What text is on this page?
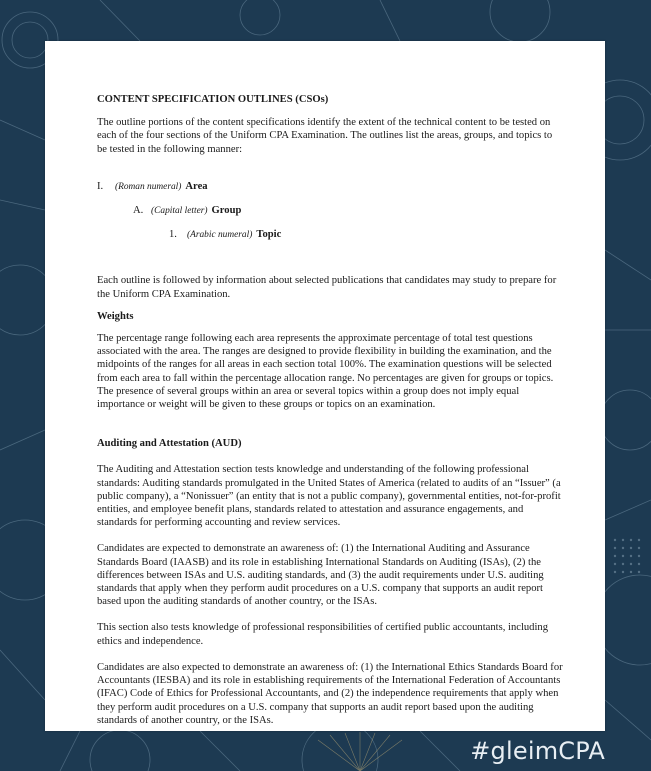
CONTENT SPECIFICATION OUTLINES (CSOs)

The outline portions of the content specifications identify the extent of the technical content to be tested on each of the four sections of the Uniform CPA Examination. The outlines list the areas, groups, and topics to be tested in the following manner:

I.	(Roman numeral) Area
A. (Capital letter) Group
1.	(Arabic numeral) Topic

Each outline is followed by information about selected publications that candidates may study to prepare for the Uniform CPA Examination.

Weights

The percentage range following each area represents the approximate percentage of total test questions associated with the area. The ranges are designed to provide flexibility in building the examination, and the midpoints of the ranges for all areas in each section total 100%. The examination questions will be selected from each area to fall within the percentage allocation range. No percentages are given for groups or topics. The presence of several groups within an area or several topics within a group does not imply equal importance or weight will be given to these groups or topics on an examination.

Auditing and Attestation (AUD)

The Auditing and Attestation section tests knowledge and understanding of the following professional standards: Auditing standards promulgated in the United States of America (related to audits of an “Issuer” (a public company), a “Nonissuer” (an entity that is not a public company), governmental entities, not-for-profit entities, and employee benefit plans, standards related to attestation and assurance engagements, and standards for performing accounting and review services.

Candidates are expected to demonstrate an awareness of: (1) the International Auditing and Assurance Standards Board (IAASB) and its role in establishing International Standards on Auditing (ISAs), (2) the differences between ISAs and U.S. auditing standards, and (3) the audit requirements under U.S. auditing standards that apply when they perform audit procedures on a U.S. company that supports an audit report based upon the auditing standards of another country, or the ISAs.

This section also tests knowledge of professional responsibilities of certified public accountants, including ethics and independence.

Candidates are also expected to demonstrate an awareness of: (1) the International Ethics Standards Board for Accountants (IESBA) and its role in establishing requirements of the International Federation of Accountants (IFAC) Code of Ethics for Professional Accountants, and (2) the independence requirements that apply when they perform audit procedures on a U.S. company that supports an audit report based upon the auditing standards of another country, or the ISAs.

#gleimCPA
